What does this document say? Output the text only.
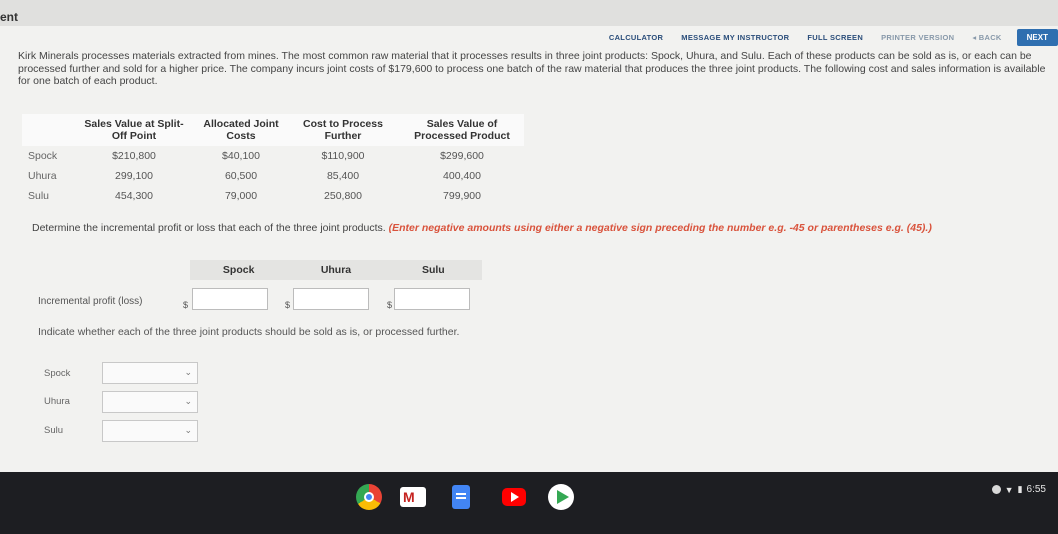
ent
CALCULATOR	MESSAGE MY INSTRUCTOR	FULL SCREEN	PRINTER VERSION	◂ BACK	NEXT

Kirk Minerals processes materials extracted from mines. The most common raw material that it processes results in three joint products: Spock, Uhura, and Sulu. Each of these products can be sold as is, or each can be processed further and sold for a higher price. The company incurs joint costs of $179,600 to process one batch of the raw material that produces the three joint products. The following cost and sales information is available for one batch of each product.

	Sales Value at Split-Off Point	Allocated Joint Costs	Cost to Process Further	Sales Value of Processed Product
Spock	$210,800	$40,100	$110,900	$299,600
Uhura	299,100	60,500	85,400	400,400
Sulu	454,300	79,000	250,800	799,900

Determine the incremental profit or loss that each of the three joint products. (Enter negative amounts using either a negative sign preceding the number e.g. -45 or parentheses e.g. (45).)

Spock	Uhura	Sulu
Incremental profit (loss)	$	$	$

Indicate whether each of the three joint products should be sold as is, or processed further.

Spock	⌄
Uhura	⌄
Sulu	⌄
M	▼ ▮ 6:55
